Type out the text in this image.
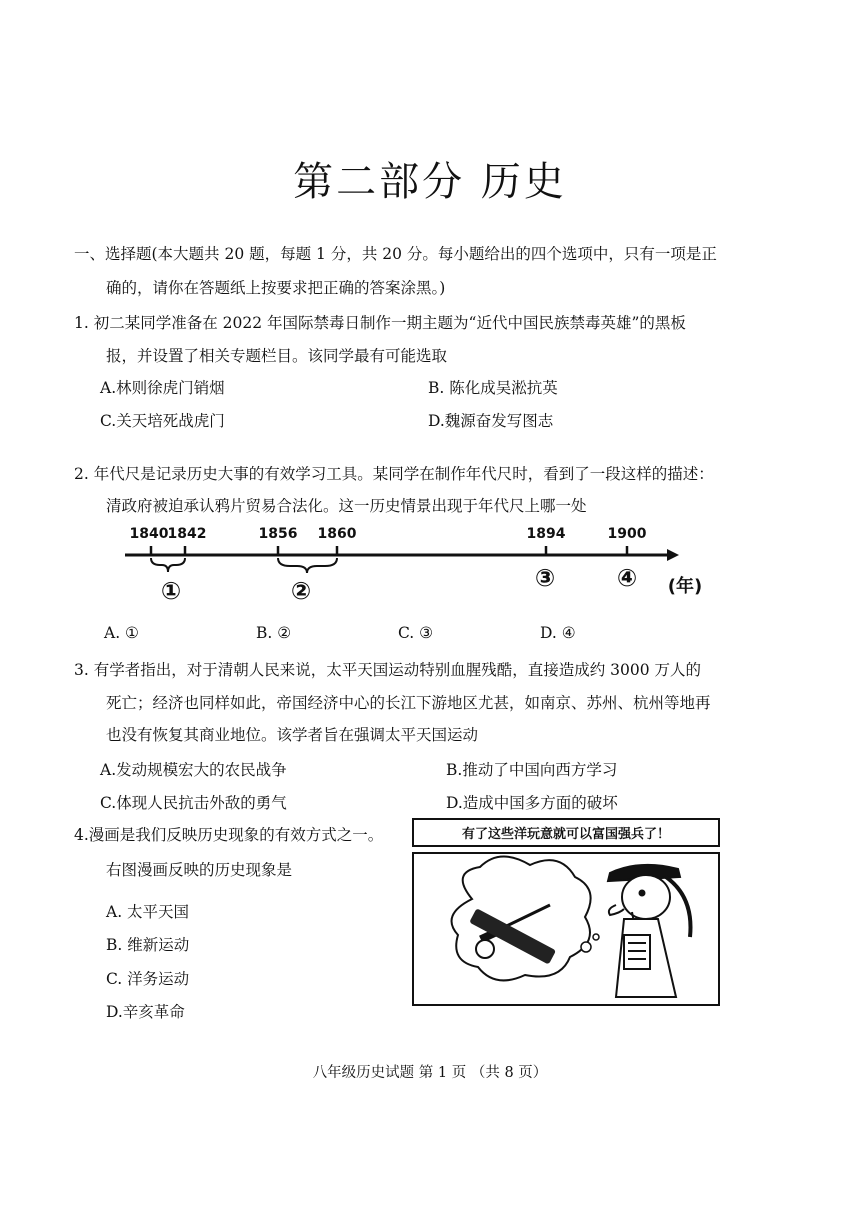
第二部分 历史
一、选择题(本大题共 20 题，每题 1 分，共 20 分。每小题给出的四个选项中，只有一项是正
确的，请你在答题纸上按要求把正确的答案涂黑。)
1. 初二某同学准备在 2022 年国际禁毒日制作一期主题为“近代中国民族禁毒英雄”的黑板
报，并设置了相关专题栏目。该同学最有可能选取
A.林则徐虎门销烟	B. 陈化成吴淞抗英
C.关天培死战虎门	D.魏源奋发写图志
2. 年代尺是记录历史大事的有效学习工具。某同学在制作年代尺时，看到了一段这样的描述：
清政府被迫承认鸦片贸易合法化。这一历史情景出现于年代尺上哪一处
1840 1842	1856 1860	1894	1900
①	②	③	④ (年)
A. ①	B. ②	C. ③	D. ④
3. 有学者指出，对于清朝人民来说，太平天国运动特别血腥残酷，直接造成约 3000 万人的
死亡；经济也同样如此，帝国经济中心的长江下游地区尤甚，如南京、苏州、杭州等地再
也没有恢复其商业地位。该学者旨在强调太平天国运动
A.发动规模宏大的农民战争	B.推动了中国向西方学习
C.体现人民抗击外敌的勇气	D.造成中国多方面的破坏
4.漫画是我们反映历史现象的有效方式之一。
右图漫画反映的历史现象是
A. 太平天国
B. 维新运动
C. 洋务运动
D.辛亥革命
有了这些洋玩意就可以富国强兵了！
八年级历史试题 第 1 页 （共 8 页）
